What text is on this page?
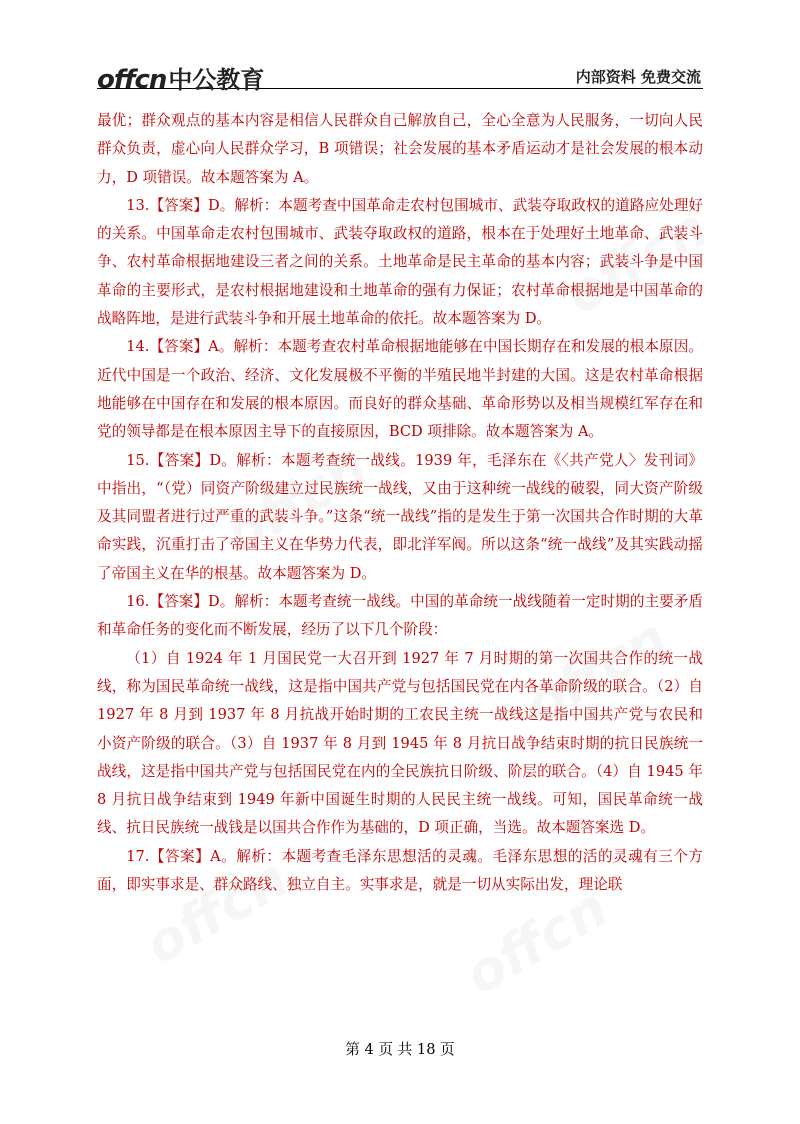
offcn 中公教育	内部资料 免费交流

最优；群众观点的基本内容是相信人民群众自己解放自己，全心全意为人民服务，一切向人民群众负责，虚心向人民群众学习，B 项错误；社会发展的基本矛盾运动才是社会发展的根本动力，D 项错误。故本题答案为 A。

13.【答案】D。解析：本题考查中国革命走农村包围城市、武装夺取政权的道路应处理好的关系。中国革命走农村包围城市、武装夺取政权的道路，根本在于处理好土地革命、武装斗争、农村革命根据地建设三者之间的关系。土地革命是民主革命的基本内容；武装斗争是中国革命的主要形式，是农村根据地建设和土地革命的强有力保证；农村革命根据地是中国革命的战略阵地，是进行武装斗争和开展土地革命的依托。故本题答案为 D。

14.【答案】A。解析：本题考查农村革命根据地能够在中国长期存在和发展的根本原因。近代中国是一个政治、经济、文化发展极不平衡的半殖民地半封建的大国。这是农村革命根据地能够在中国存在和发展的根本原因。而良好的群众基础、革命形势以及相当规模红军存在和党的领导都是在根本原因主导下的直接原因，BCD 项排除。故本题答案为 A。

15.【答案】D。解析：本题考查统一战线。1939 年，毛泽东在《〈共产党人〉发刊词》中指出，“（党）同资产阶级建立过民族统一战线，又由于这种统一战线的破裂，同大资产阶级及其同盟者进行过严重的武装斗争。”这条“统一战线”指的是发生于第一次国共合作时期的大革命实践，沉重打击了帝国主义在华势力代表，即北洋军阀。所以这条“统一战线”及其实践动摇了帝国主义在华的根基。故本题答案为 D。

16.【答案】D。解析：本题考查统一战线。中国的革命统一战线随着一定时期的主要矛盾和革命任务的变化而不断发展，经历了以下几个阶段：

（1）自 1924 年 1 月国民党一大召开到 1927 年 7 月时期的第一次国共合作的统一战线，称为国民革命统一战线，这是指中国共产党与包括国民党在内各革命阶级的联合。（2）自 1927 年 8 月到 1937 年 8 月抗战开始时期的工农民主统一战线这是指中国共产党与农民和小资产阶级的联合。（3）自 1937 年 8 月到 1945 年 8 月抗日战争结束时期的抗日民族统一战线，这是指中国共产党与包括国民党在内的全民族抗日阶级、阶层的联合。（4）自 1945 年 8 月抗日战争结束到 1949 年新中国诞生时期的人民民主统一战线。可知，国民革命统一战线、抗日民族统一战钱是以国共合作作为基础的，D 项正确，当选。故本题答案选 D。

17.【答案】A。解析：本题考查毛泽东思想活的灵魂。毛泽东思想的活的灵魂有三个方面，即实事求是、群众路线、独立自主。实事求是，就是一切从实际出发，理论联

第 4 页 共 18 页
